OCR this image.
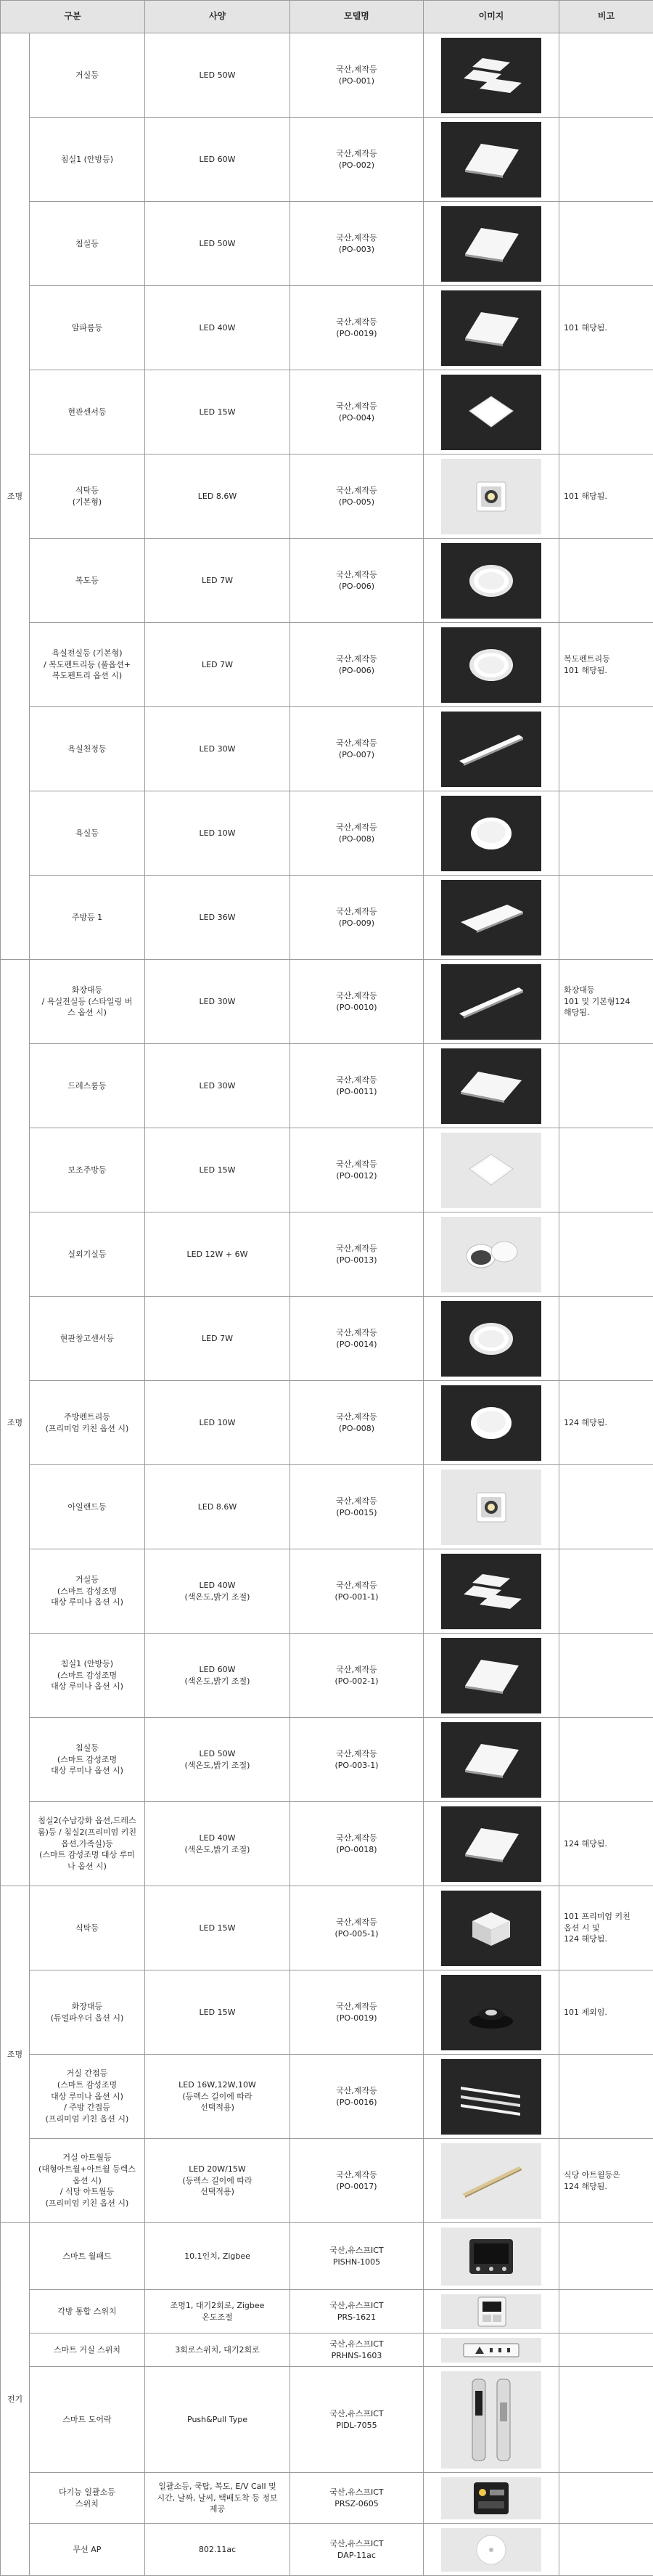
구분		사양	모델명	이미지	비고
조명	거실등	LED 50W	국산,제작등
(PO-001)	

	침실1 (안방등)	LED 60W	국산,제작등
(PO-002)	

	침실등	LED 50W	국산,제작등
(PO-003)	

	알파룸등	LED 40W	국산,제작등
(PO-0019)		101 해당됨.
	현관센서등	LED 15W	국산,제작등
(PO-004)	

	식탁등
(기본형)	LED 8.6W	국산,제작등
(PO-005)		101 해당됨.
	복도등	LED 7W	국산,제작등
(PO-006)	

	욕실전실등 (기본형)
/ 복도펜트리등 (풀옵션+
복도펜트리 옵션 시)	LED 7W	국산,제작등
(PO-006)		복도펜트리등
101 해당됨.
	욕실천정등	LED 30W	국산,제작등
(PO-007)	

	욕실등	LED 10W	국산,제작등
(PO-008)	

	주방등 1	LED 36W	국산,제작등
(PO-009)	

조명	화장대등
/ 욕실전실등 (스타일링 버
스 옵션 시)	LED 30W	국산,제작등
(PO-0010)		화장대등
101 및 기본형124
해당됨.
	드레스룸등	LED 30W	국산,제작등
(PO-0011)	

	보조주방등	LED 15W	국산,제작등
(PO-0012)	

	실외기실등	LED 12W + 6W	국산,제작등
(PO-0013)	

	현관창고센서등	LED 7W	국산,제작등
(PO-0014)	

	주방펜트리등
(프리미엄 키친 옵션 시)	LED 10W	국산,제작등
(PO-008)		124 해당됨.
	아일랜드등	LED 8.6W	국산,제작등
(PO-0015)	

	거실등
(스마트 감성조명
대상 루미나 옵션 시)	LED 40W
(색온도,밝기 조절)	국산,제작등
(PO-001-1)	

	침실1 (안방등)
(스마트 감성조명
대상 루미나 옵션 시)	LED 60W
(색온도,밝기 조절)	국산,제작등
(PO-002-1)	

	침실등
(스마트 감성조명
대상 루미나 옵션 시)	LED 50W
(색온도,밝기 조절)	국산,제작등
(PO-003-1)	

	침실2(수납강화 옵션,드레스
룸)등 / 침실2(프리미엄 키친
옵션,가족실)등
(스마트 감성조명 대상 루미
나 옵션 시)	LED 40W
(색온도,밝기 조절)	국산,제작등
(PO-0018)		124 해당됨.
조명	식탁등	LED 15W	국산,제작등
(PO-005-1)		101 프리미엄 키친
옵션 시 및
124 해당됨.
	화장대등
(듀얼파우더 옵션 시)	LED 15W	국산,제작등
(PO-0019)		101 제외임.
	거실 간접등
(스마트 감성조명
대상 루미나 옵션 시)
/ 주방 간접등
(프리미엄 키친 옵션 시)	LED 16W,12W,10W
(등렉스 길이에 따라
선택적용)	국산,제작등
(PO-0016)	

	거실 아트월등
(대형아트월+아트월 등렉스
옵션 시)
/ 식당 아트월등
(프리미엄 키친 옵션 시)	LED 20W/15W
(등렉스 길이에 따라
선택적용)	국산,제작등
(PO-0017)		식당 아트월등은
124 해당됨.
전기	스마트 월패드	10.1인치, Zigbee	국산,유스프ICT
PISHN-1005	

	각방 통합 스위치	조명1, 대기2회로, Zigbee
온도조절	국산,유스프ICT
PRS-1621	

	스마트 거실 스위치	3회로스위치, 대기2회로	국산,유스프ICT
PRHNS-1603	

	스마트 도어락	Push&Pull Type	국산,유스프ICT
PIDL-7055	

	다기능 일괄소등
스위치	일괄소등, 쿡탑, 복도, E/V Call 및
시간, 날짜, 날씨, 택배도착 등 정보
제공	국산,유스프ICT
PRSZ-0605	

	무선 AP	802.11ac	국산,유스프ICT
DAP-11ac	
